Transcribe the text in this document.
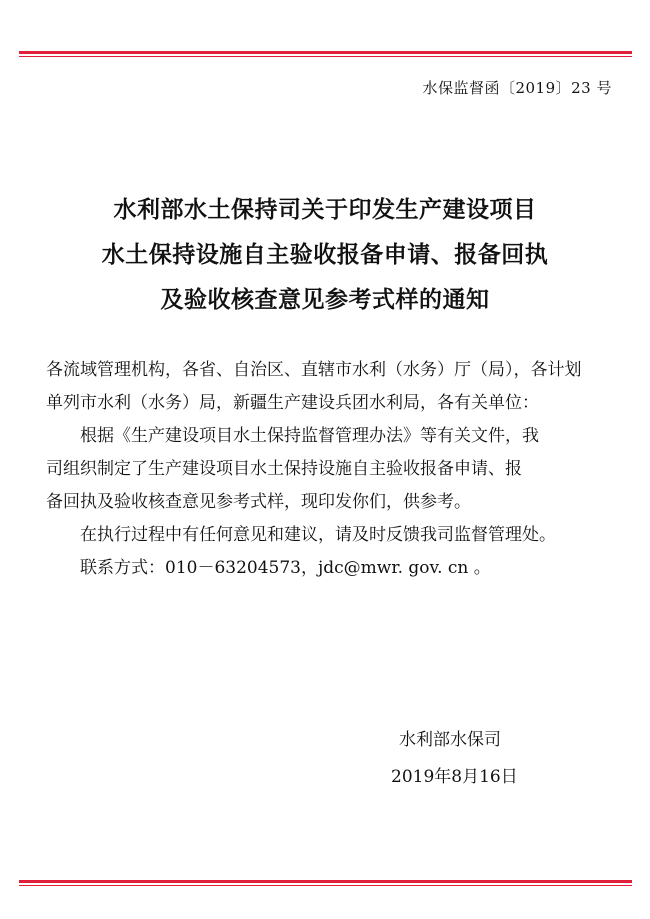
水保监督函〔2019〕23 号
水利部水土保持司关于印发生产建设项目
水土保持设施自主验收报备申请、报备回执
及验收核查意见参考式样的通知
各流域管理机构，各省、自治区、直辖市水利（水务）厅（局），各计划
单列市水利（水务）局，新疆生产建设兵团水利局，各有关单位：
根据《生产建设项目水土保持监督管理办法》等有关文件，我
司组织制定了生产建设项目水土保持设施自主验收报备申请、报
备回执及验收核查意见参考式样，现印发你们，供参考。
在执行过程中有任何意见和建议，请及时反馈我司监督管理处。
联系方式：010－63204573，jdc@mwr. gov. cn 。
水利部水保司
2019年8月16日
